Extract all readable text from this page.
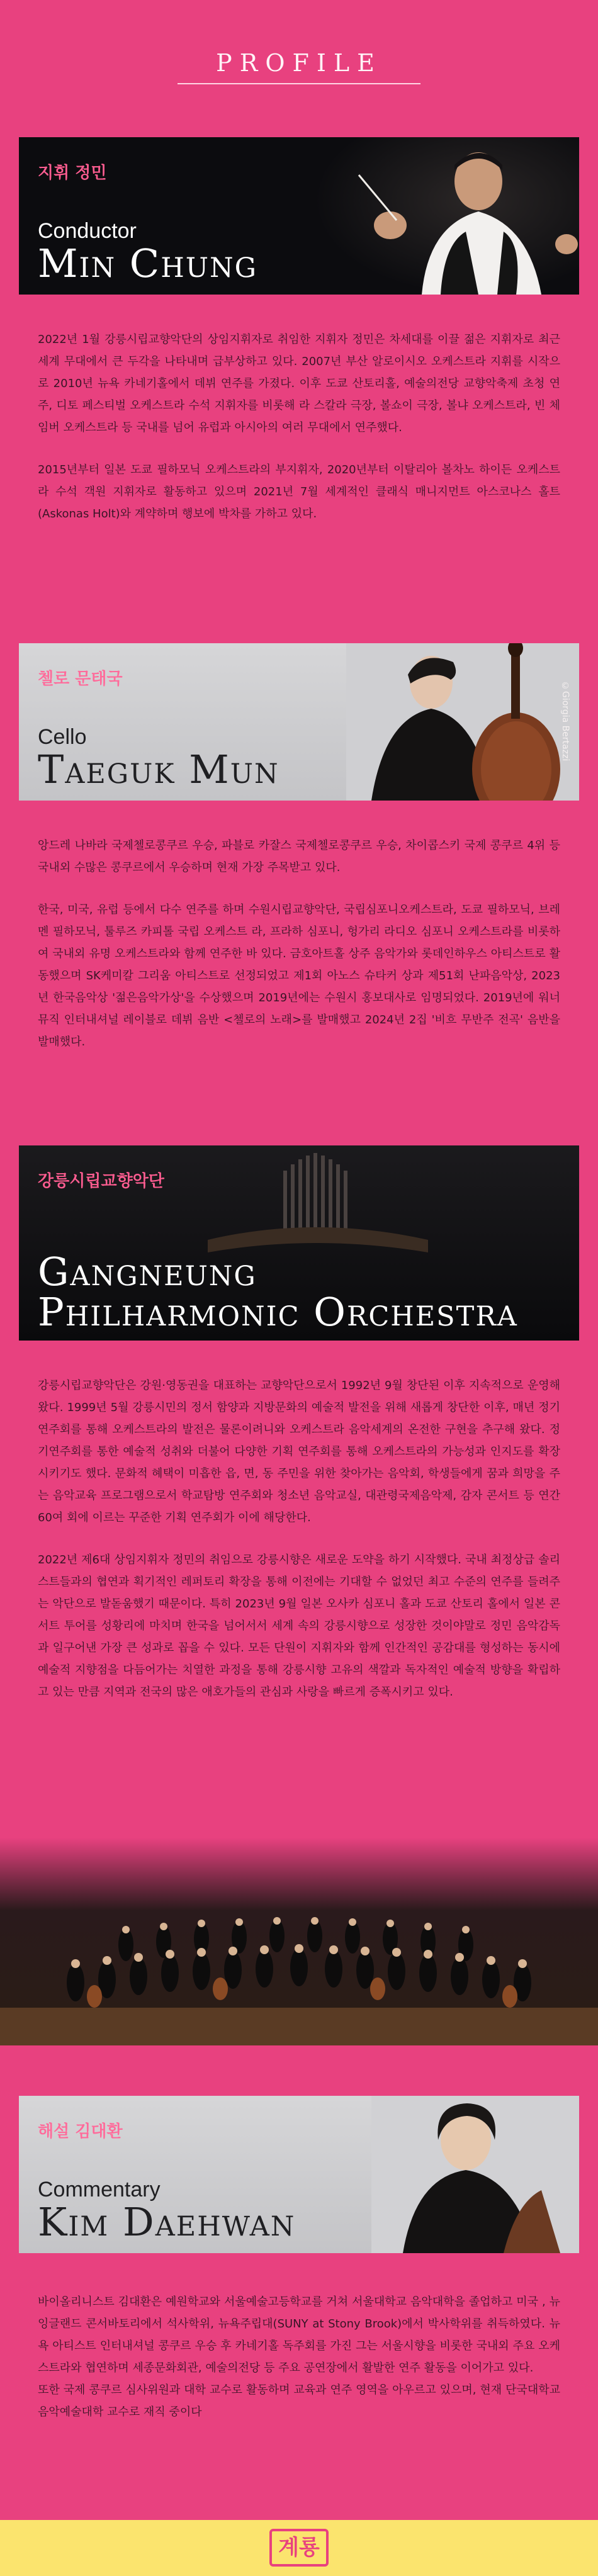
PROFILE
지휘 정민
Conductor
Min Chung

2022년 1월 강릉시립교향악단의 상임지휘자로 취임한 지휘자 정민은 차세대를 이끌 젊은 지휘자로 최근 세계 무대에서 큰 두각을 나타내며 급부상하고 있다. 2007년 부산 알로이시오 오케스트라 지휘를 시작으로 2010년 뉴욕 카네기홀에서 데뷔 연주를 가졌다. 이후 도쿄 산토리홀, 예술의전당 교향악축제 초청 연주, 디토 페스티벌 오케스트라 수석 지휘자를 비롯해 라 스칼라 극장, 볼쇼이 극장, 볼냐 오케스트라, 빈 체임버 오케스트라 등 국내를 넘어 유럽과 아시아의 여러 무대에서 연주했다.

2015년부터 일본 도쿄 필하모닉 오케스트라의 부지휘자, 2020년부터 이탈리아 볼차노 하이든 오케스트라 수석 객원 지휘자로 활동하고 있으며 2021년 7월 세계적인 클래식 매니지먼트 아스코나스 홀트(Askonas Holt)와 계약하며 행보에 박차를 가하고 있다.

첼로 문태국
Cello
Taeguk Mun
©Giorgia Bertazzi

앙드레 나바라 국제첼로콩쿠르 우승, 파블로 카잘스 국제첼로콩쿠르 우승, 차이콥스키 국제 콩쿠르 4위 등 국내외 수많은 콩쿠르에서 우승하며 현재 가장 주목받고 있다.

한국, 미국, 유럽 등에서 다수 연주를 하며 수원시립교향악단, 국립심포니오케스트라, 도쿄 필하모닉, 브레멘 필하모닉, 툴루즈 카피톨 국립 오케스트 라, 프라하 심포니, 헝가리 라디오 심포니 오케스트라를 비롯하여 국내외 유명 오케스트라와 함께 연주한 바 있다. 금호아트홀 상주 음악가와 롯데인하우스 아티스트로 활동했으며 SK케미칼 그리움 아티스트로 선정되었고 제1회 아노스 슈타커 상과 제51회 난파음악상, 2023년 한국음악상 '젊은음악가상'을 수상했으며 2019년에는 수원시 홍보대사로 임명되었다. 2019년에 워너 뮤직 인터내셔널 레이블로 데뷔 음반 <첼로의 노래>를 발매했고 2024년 2집 '비흐 무반주 전곡' 음반을 발매했다.

강릉시립교향악단
Gangneung
Philharmonic Orchestra

강릉시립교향악단은 강원·영동권을 대표하는 교향악단으로서 1992년 9월 창단된 이후 지속적으로 운영해 왔다. 1999년 5월 강릉시민의 정서 함양과 지방문화의 예술적 발전을 위해 새롭게 창단한 이후, 매년 정기연주회를 통해 오케스트라의 발전은 물론이려니와 오케스트라 음악세계의 온전한 구현을 추구해 왔다. 정기연주회를 통한 예술적 성취와 더불어 다양한 기획 연주회를 통해 오케스트라의 가능성과 인지도를 확장시키기도 했다. 문화적 혜택이 미흡한 읍, 면, 동 주민을 위한 찾아가는 음악회, 학생들에게 꿈과 희망을 주는 음악교육 프로그램으로서 학교탐방 연주회와 청소년 음악교실, 대관령국제음악제, 감자 콘서트 등 연간 60여 회에 이르는 꾸준한 기획 연주회가 이에 해당한다.

2022년 제6대 상임지휘자 정민의 취임으로 강릉시향은 새로운 도약을 하기 시작했다. 국내 최정상급 솔리스트들과의 협연과 획기적인 레퍼토리 확장을 통해 이전에는 기대할 수 없었던 최고 수준의 연주를 들려주는 악단으로 발돋움했기 때문이다. 특히 2023년 9월 일본 오사카 심포니 홀과 도쿄 산토리 홀에서 일본 콘서트 투어를 성황리에 마치며 한국을 넘어서서 세계 속의 강릉시향으로 성장한 것이야말로 정민 음악감독과 일구어낸 가장 큰 성과로 꼽을 수 있다. 모든 단원이 지휘자와 함께 인간적인 공감대를 형성하는 동시에 예술적 지향점을 다듬어가는 치열한 과정을 통해 강릉시향 고유의 색깔과 독자적인 예술적 방향을 확립하고 있는 만큼 지역과 전국의 많은 애호가들의 관심과 사랑을 빠르게 증폭시키고 있다.

해설 김대환
Commentary
Kim Daehwan

바이올리니스트 김대환은 예원학교와 서울예술고등학교를 거쳐 서울대학교 음악대학을 졸업하고 미국 , 뉴잉글랜드 콘서바토리에서 석사학위, 뉴욕주립대(SUNY at Stony Brook)에서 박사학위를 취득하였다. 뉴욕 아티스트 인터내셔널 콩쿠르 우승 후 카네기홀 독주회를 가진 그는 서울시향을 비롯한 국내외 주요 오케스트라와 협연하며 세종문화회관, 예술의전당 등 주요 공연장에서 활발한 연주 활동을 이어가고 있다.

또한 국제 콩쿠르 심사위원과 대학 교수로 활동하며 교육과 연주 영역을 아우르고 있으며, 현재 단국대학교 음악예술대학 교수로 재직 중이다

계룡
